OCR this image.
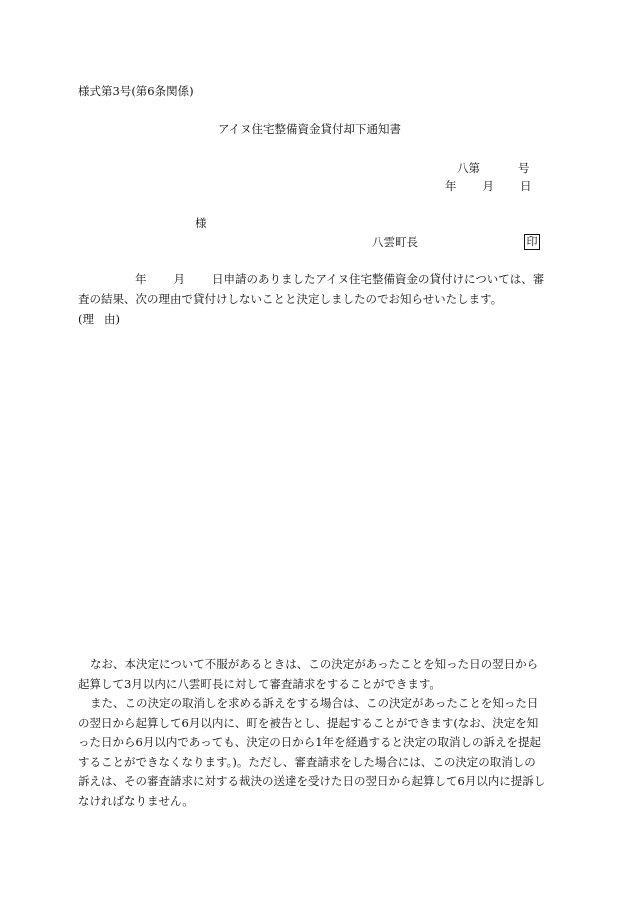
様式第3号(第6条関係)
アイヌ住宅整備資金貸付却下通知書
八第	号
年 月 日
様
八雲町長	印
年 月 日申請のありましたアイヌ住宅整備資金の貸付けについては、審
査の結果、次の理由で貸付けしないことと決定しましたのでお知らせいたします。
(理 由)
なお、本決定について不服があるときは、この決定があったことを知った日の翌日から
起算して3月以内に八雲町長に対して審査請求をすることができます。
また、この決定の取消しを求める訴えをする場合は、この決定があったことを知った日
の翌日から起算して6月以内に、町を被告とし、提起することができます(なお、決定を知
った日から6月以内であっても、決定の日から1年を経過すると決定の取消しの訴えを提起
することができなくなります。)。ただし、審査請求をした場合には、この決定の取消しの
訴えは、その審査請求に対する裁決の送達を受けた日の翌日から起算して6月以内に提訴し
なければなりません。
